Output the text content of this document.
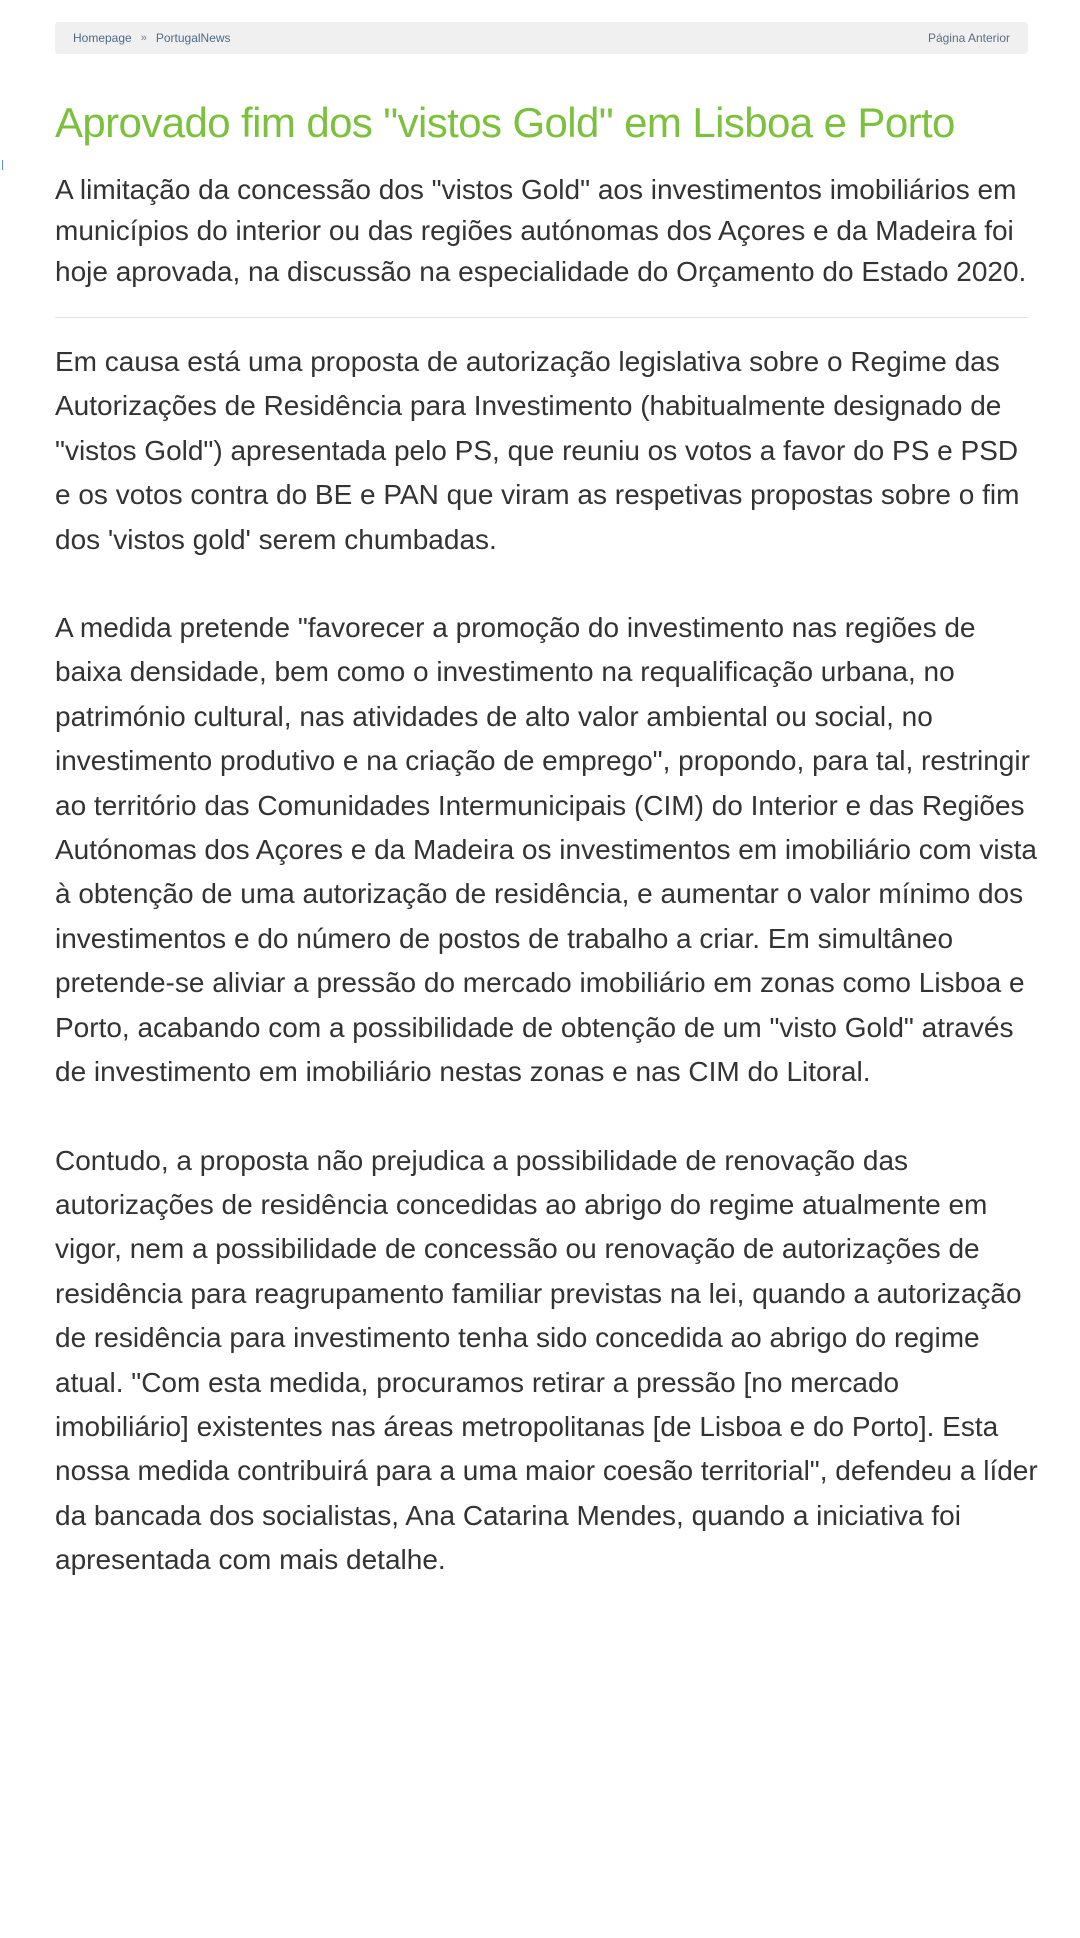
Homepage » PortugalNews	Página Anterior
Aprovado fim dos "vistos Gold" em Lisboa e Porto

A limitação da concessão dos "vistos Gold" aos investimentos imobiliários em municípios do interior ou das regiões autónomas dos Açores e da Madeira foi hoje aprovada, na discussão na especialidade do Orçamento do Estado 2020.

Em causa está uma proposta de autorização legislativa sobre o Regime das Autorizações de Residência para Investimento (habitualmente designado de "vistos Gold") apresentada pelo PS, que reuniu os votos a favor do PS e PSD e os votos contra do BE e PAN que viram as respetivas propostas sobre o fim dos 'vistos gold' serem chumbadas.

A medida pretende "favorecer a promoção do investimento nas regiões de baixa densidade, bem como o investimento na requalificação urbana, no património cultural, nas atividades de alto valor ambiental ou social, no investimento produtivo e na criação de emprego", propondo, para tal, restringir ao território das Comunidades Intermunicipais (CIM) do Interior e das Regiões Autónomas dos Açores e da Madeira os investimentos em imobiliário com vista à obtenção de uma autorização de residência, e aumentar o valor mínimo dos investimentos e do número de postos de trabalho a criar. Em simultâneo pretende-se aliviar a pressão do mercado imobiliário em zonas como Lisboa e Porto, acabando com a possibilidade de obtenção de um "visto Gold" através de investimento em imobiliário nestas zonas e nas CIM do Litoral.

Contudo, a proposta não prejudica a possibilidade de renovação das autorizações de residência concedidas ao abrigo do regime atualmente em vigor, nem a possibilidade de concessão ou renovação de autorizações de residência para reagrupamento familiar previstas na lei, quando a autorização de residência para investimento tenha sido concedida ao abrigo do regime atual. "Com esta medida, procuramos retirar a pressão [no mercado imobiliário] existentes nas áreas metropolitanas [de Lisboa e do Porto]. Esta nossa medida contribuirá para a uma maior coesão territorial", defendeu a líder da bancada dos socialistas, Ana Catarina Mendes, quando a iniciativa foi apresentada com mais detalhe.
